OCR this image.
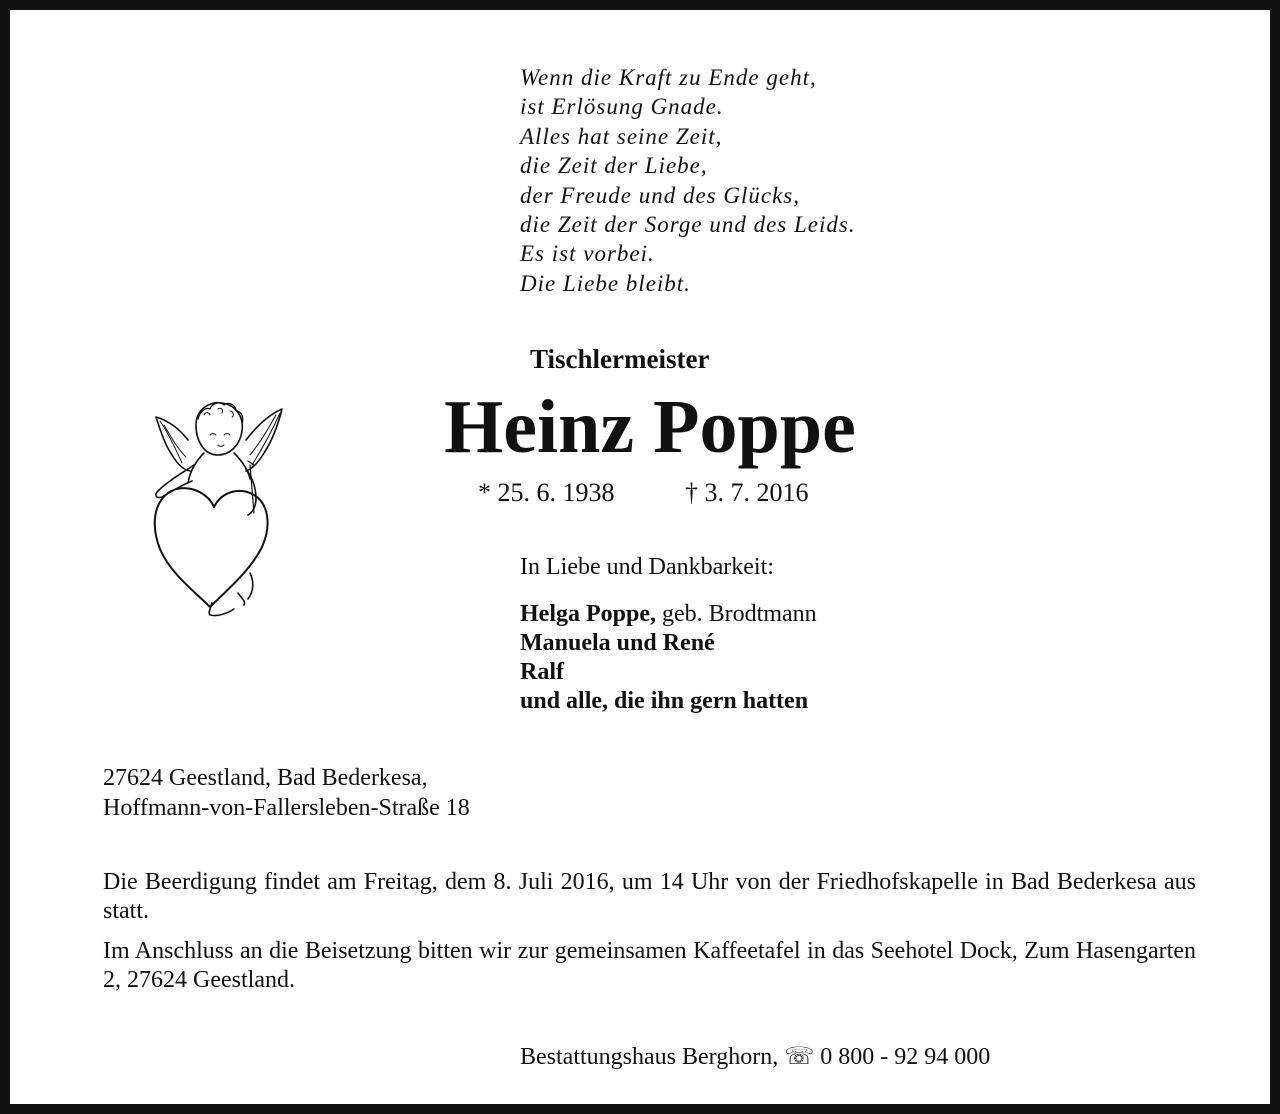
Wenn die Kraft zu Ende geht,
ist Erlösung Gnade.
Alles hat seine Zeit,
die Zeit der Liebe,
der Freude und des Glücks,
die Zeit der Sorge und des Leids.
Es ist vorbei.
Die Liebe bleibt.
Tischlermeister
Heinz Poppe
* 25. 6. 1938	† 3. 7. 2016
In Liebe und Dankbarkeit:
Helga Poppe, geb. Brodtmann
Manuela und René
Ralf
und alle, die ihn gern hatten
27624 Geestland, Bad Bederkesa,
Hoffmann-von-Fallersleben-Straße 18
Die Beerdigung findet am Freitag, dem 8. Juli 2016, um 14 Uhr von der Friedhofskapelle in Bad Bederkesa aus statt.
Im Anschluss an die Beisetzung bitten wir zur gemeinsamen Kaffeetafel in das Seehotel Dock, Zum Hasengarten 2, 27624 Geestland.
Bestattungshaus Berghorn, ☏ 0 800 - 92 94 000
